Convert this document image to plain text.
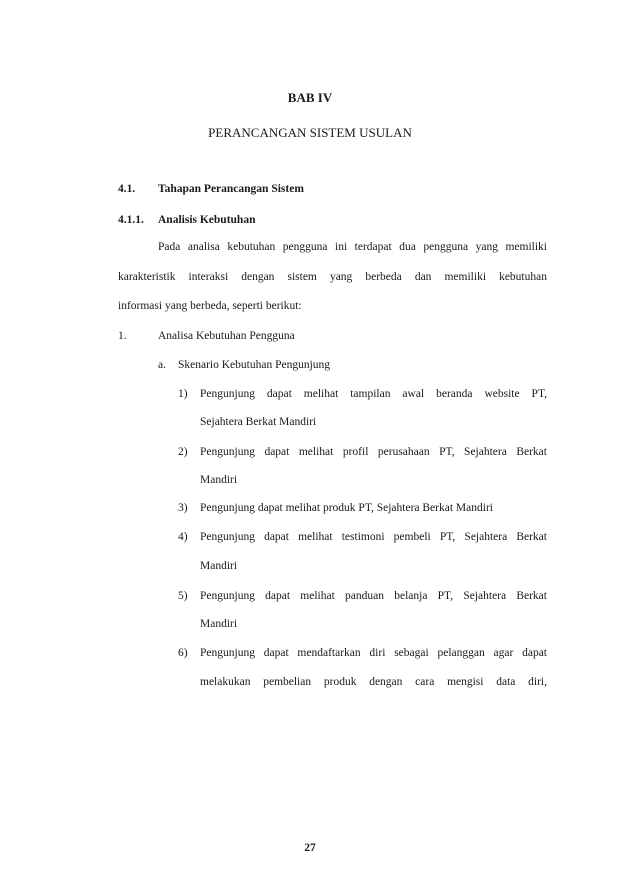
BAB IV
PERANCANGAN SISTEM USULAN
4.1. Tahapan Perancangan Sistem
4.1.1. Analisis Kebutuhan
Pada analisa kebutuhan pengguna ini terdapat dua pengguna yang memiliki
karakteristik interaksi dengan sistem yang berbeda dan memiliki kebutuhan
informasi yang berbeda, seperti berikut:
1.	Analisa Kebutuhan Pengguna
a. Skenario Kebutuhan Pengunjung
1) Pengunjung dapat melihat tampilan awal beranda website PT,
Sejahtera Berkat Mandiri
2) Pengunjung dapat melihat profil perusahaan PT, Sejahtera Berkat
Mandiri
3) Pengunjung dapat melihat produk PT, Sejahtera Berkat Mandiri
4) Pengunjung dapat melihat testimoni pembeli PT, Sejahtera Berkat
Mandiri
5) Pengunjung dapat melihat panduan belanja PT, Sejahtera Berkat
Mandiri
6) Pengunjung dapat mendaftarkan diri sebagai pelanggan agar dapat
melakukan pembelian produk dengan cara mengisi data diri,
27
